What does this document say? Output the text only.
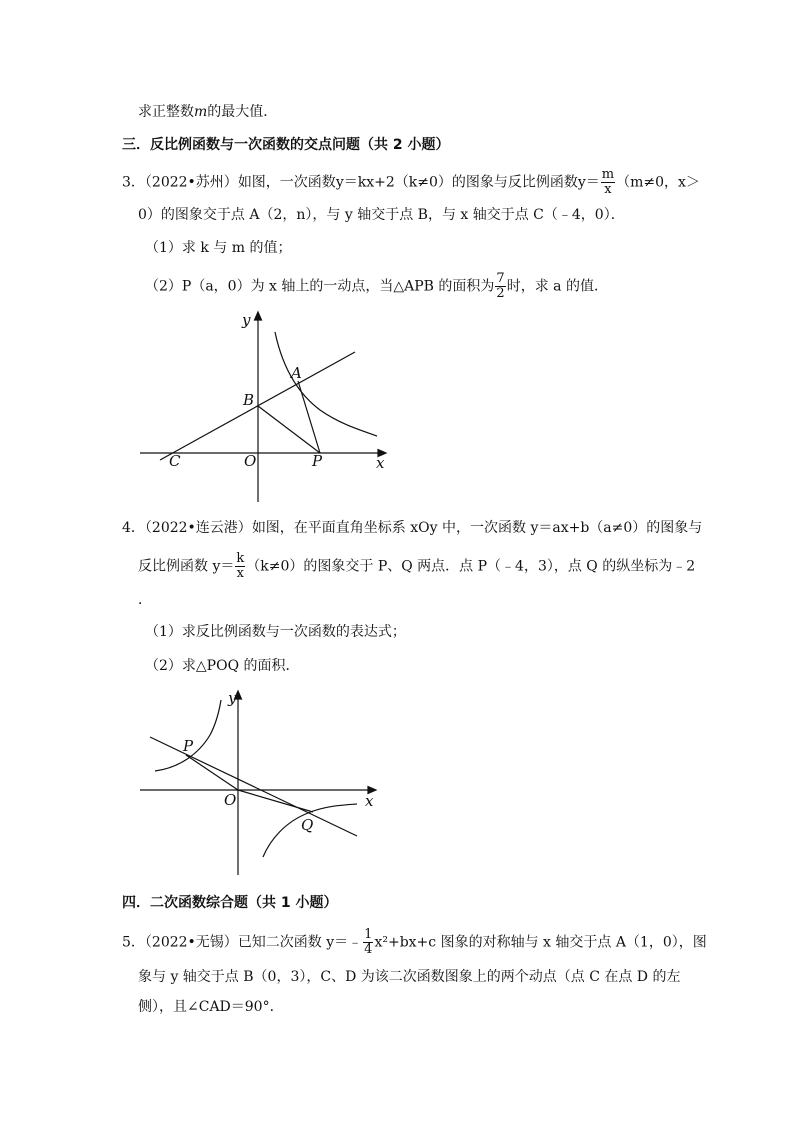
求正整数m的最大值．
三．反比例函数与一次函数的交点问题（共 2 小题）
3．（2022•苏州）如图，一次函数y＝kx+2（k≠0）的图象与反比例函数$y= \frac{m}{x} (m\ne 0$，x＞
0）的图象交于点 A（2，n），与 y 轴交于点 B，与 x 轴交于点 C（﹣4，0）．
（1）求 k 与 m 的值；
（2）P（a，0）为 x 轴上的一动点，当△APB 的面积为 $\frac{7}{2}$ 时，求 a 的值．
y
x
A
B
C	O	P
4．（2022•连云港）如图，在平面直角坐标系 xOy 中，一次函数 y＝ax+b（a≠0）的图象与
反比例函数 $y= \frac{k}{x} (k\ne 0)$的图象交于 P、Q 两点．点 P（﹣4，3），点 Q 的纵坐标为﹣2
．
（1）求反比例函数与一次函数的表达式；
（2）求△POQ 的面积．
y
x
P
O
Q
四．二次函数综合题（共 1 小题）
5．（2022•无锡）已知二次函数 y＝﹣ $\frac{1}{4} x^2+bx+c$ 图象的对称轴与 x 轴交于点 A（1，0），图
象与 y 轴交于点 B（0，3），C、D 为该二次函数图象上的两个动点（点 C 在点 D 的左
侧），且∠CAD＝90°．
